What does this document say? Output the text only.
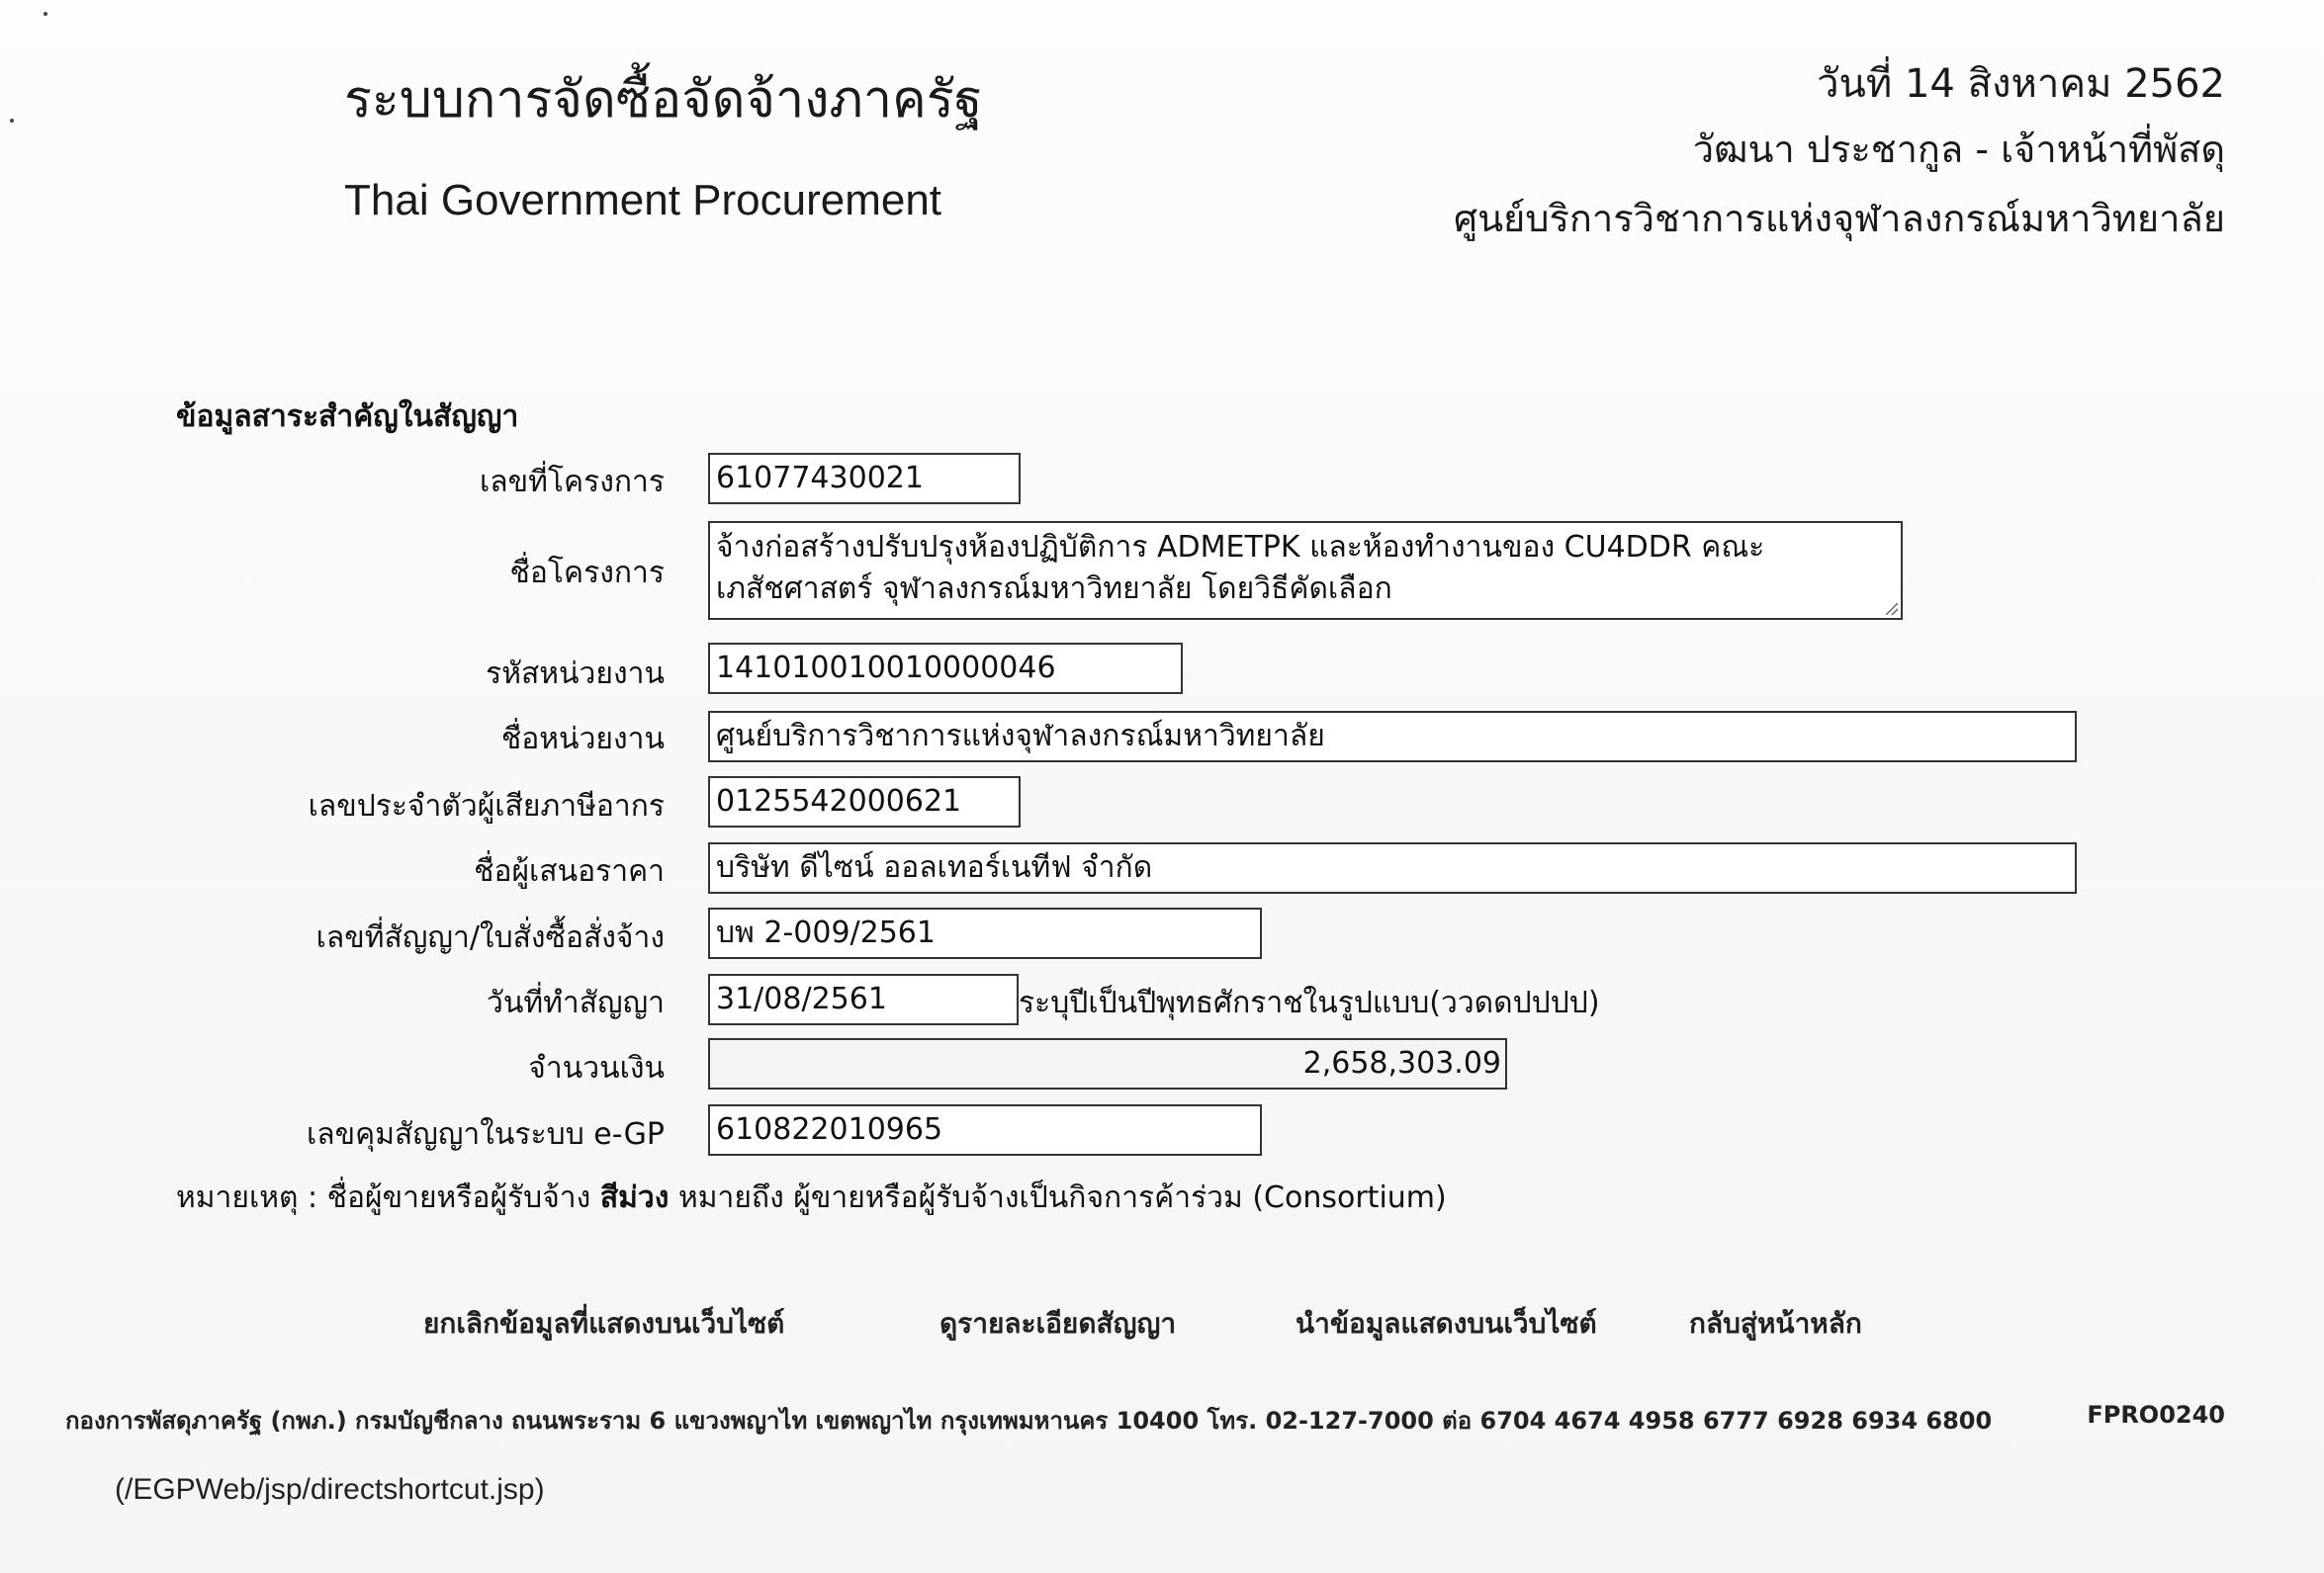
ระบบการจัดซื้อจัดจ้างภาครัฐ
Thai Government Procurement
วันที่ 14 สิงหาคม 2562
วัฒนา ประชากูล - เจ้าหน้าที่พัสดุ
ศูนย์บริการวิชาการแห่งจุฬาลงกรณ์มหาวิทยาลัย
ข้อมูลสาระสำคัญในสัญญา
เลขที่โครงการ 61077430021
ชื่อโครงการ
จ้างก่อสร้างปรับปรุงห้องปฏิบัติการ ADMETPK และห้องทำงานของ CU4DDR คณะเภสัชศาสตร์ จุฬาลงกรณ์มหาวิทยาลัย โดยวิธีคัดเลือก
รหัสหน่วยงาน 141010010010000046
ชื่อหน่วยงาน ศูนย์บริการวิชาการแห่งจุฬาลงกรณ์มหาวิทยาลัย
เลขประจำตัวผู้เสียภาษีอากร 0125542000621
ชื่อผู้เสนอราคา บริษัท ดีไซน์ ออลเทอร์เนทีฟ จำกัด
เลขที่สัญญา/ใบสั่งซื้อสั่งจ้าง บพ 2-009/2561
วันที่ทำสัญญา 31/08/2561	ระบุปีเป็นปีพุทธศักราชในรูปแบบ(ววดดปปปป)
จำนวนเงิน	2,658,303.09
เลขคุมสัญญาในระบบ e-GP 610822010965
หมายเหตุ : ชื่อผู้ขายหรือผู้รับจ้าง สีม่วง หมายถึง ผู้ขายหรือผู้รับจ้างเป็นกิจการค้าร่วม (Consortium)
ยกเลิกข้อมูลที่แสดงบนเว็บไซต์	ดูรายละเอียดสัญญา	นำข้อมูลแสดงบนเว็บไซต์	กลับสู่หน้าหลัก
กองการพัสดุภาครัฐ (กพภ.) กรมบัญชีกลาง ถนนพระราม 6 แขวงพญาไท เขตพญาไท กรุงเทพมหานคร 10400 โทร. 02-127-7000 ต่อ 6704 4674 4958 6777 6928 6934 6800	FPRO0240
(/EGPWeb/jsp/directshortcut.jsp)
